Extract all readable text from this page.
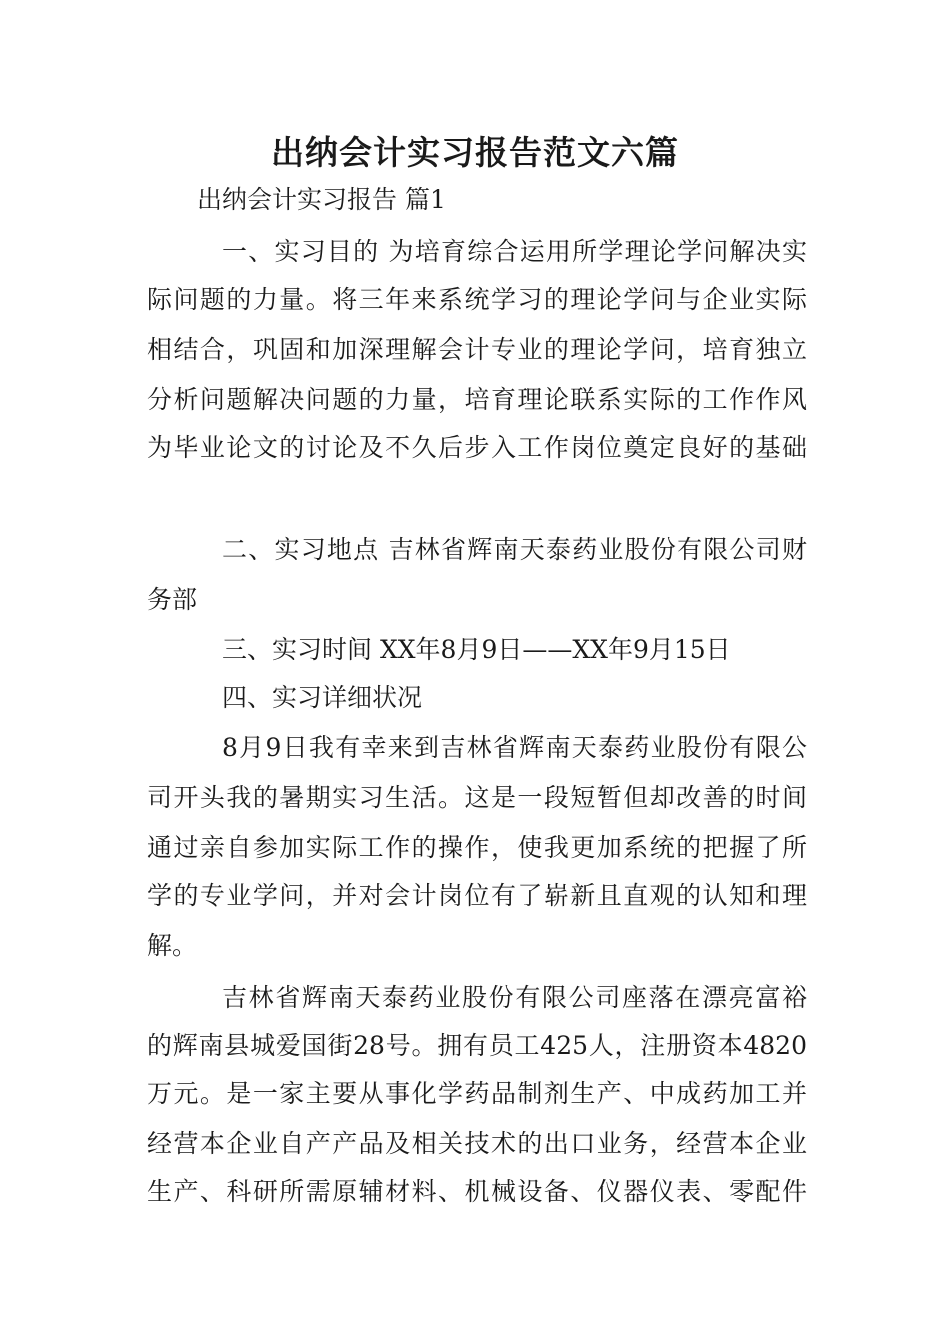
出纳会计实习报告范文六篇
出纳会计实习报告 篇1
一、实习目的 为培育综合运用所学理论学问解决实
际问题的力量。将三年来系统学习的理论学问与企业实际
相结合，巩固和加深理解会计专业的理论学问，培育独立
分析问题解决问题的力量，培育理论联系实际的工作作风
为毕业论文的讨论及不久后步入工作岗位奠定良好的基础
二、实习地点 吉林省辉南天泰药业股份有限公司财
务部
三、实习时间 XX年8月9日——XX年9月15日
四、实习详细状况
8月9日我有幸来到吉林省辉南天泰药业股份有限公
司开头我的暑期实习生活。这是一段短暂但却改善的时间
通过亲自参加实际工作的操作，使我更加系统的把握了所
学的专业学问，并对会计岗位有了崭新且直观的认知和理
解。
吉林省辉南天泰药业股份有限公司座落在漂亮富裕
的辉南县城爱国街28号。拥有员工425人，注册资本4820
万元。是一家主要从事化学药品制剂生产、中成药加工并
经营本企业自产产品及相关技术的出口业务，经营本企业
生产、科研所需原辅材料、机械设备、仪器仪表、零配件
